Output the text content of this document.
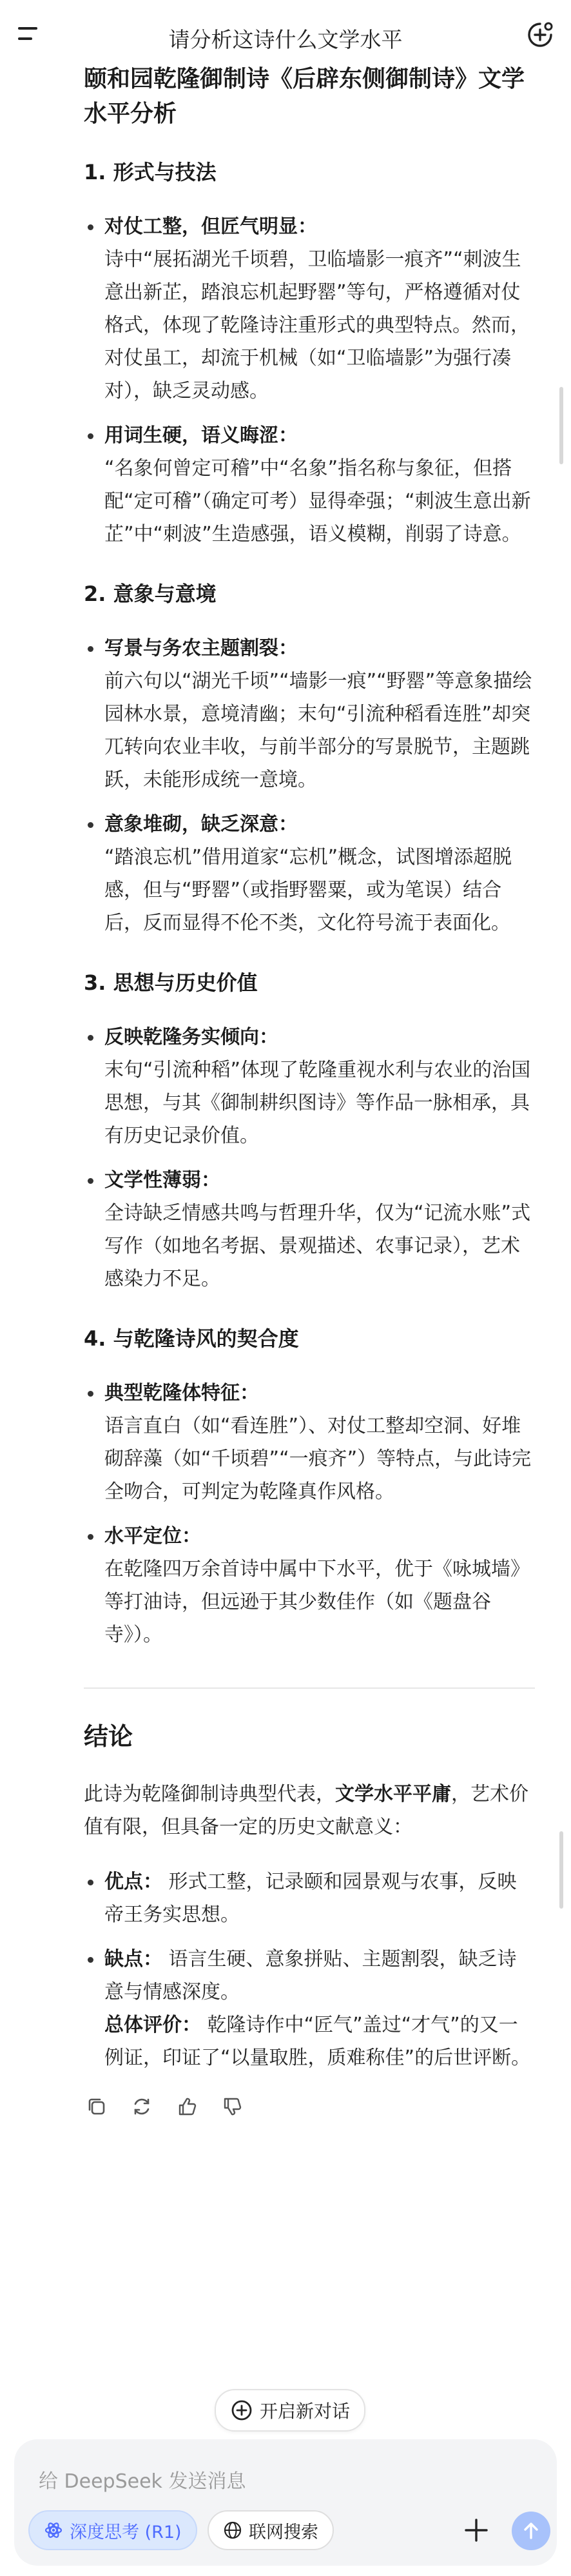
请分析这诗什么文学水平
颐和园乾隆御制诗《后辟东侧御制诗》文学水平分析
1. 形式与技法
对仗工整，但匠气明显：
诗中“展拓湖光千顷碧，卫临墙影一痕齐”“刺波生意出新芷，踏浪忘机起野罂”等句，严格遵循对仗格式，体现了乾隆诗注重形式的典型特点。然而，对仗虽工，却流于机械（如“卫临墙影”为强行凑对），缺乏灵动感。
用词生硬，语义晦涩：
“名象何曾定可稽”中“名象”指名称与象征，但搭配“定可稽”（确定可考）显得牵强；“刺波生意出新芷”中“刺波”生造感强，语义模糊，削弱了诗意。
2. 意象与意境
写景与务农主题割裂：
前六句以“湖光千顷”“墙影一痕”“野罂”等意象描绘园林水景，意境清幽；末句“引流种稻看连胜”却突兀转向农业丰收，与前半部分的写景脱节，主题跳跃，未能形成统一意境。
意象堆砌，缺乏深意：
“踏浪忘机”借用道家“忘机”概念，试图增添超脱感，但与“野罂”（或指野罂粟，或为笔误）结合后，反而显得不伦不类，文化符号流于表面化。
3. 思想与历史价值
反映乾隆务实倾向：
末句“引流种稻”体现了乾隆重视水利与农业的治国思想，与其《御制耕织图诗》等作品一脉相承，具有历史记录价值。
文学性薄弱：
全诗缺乏情感共鸣与哲理升华，仅为“记流水账”式写作（如地名考据、景观描述、农事记录），艺术感染力不足。
4. 与乾隆诗风的契合度
典型乾隆体特征：
语言直白（如“看连胜”）、对仗工整却空洞、好堆砌辞藻（如“千顷碧”“一痕齐”）等特点，与此诗完全吻合，可判定为乾隆真作风格。
水平定位：
在乾隆四万余首诗中属中下水平，优于《咏城墙》等打油诗，但远逊于其少数佳作（如《题盘谷寺》）。
结论
此诗为乾隆御制诗典型代表，文学水平平庸，艺术价值有限，但具备一定的历史文献意义：
优点： 形式工整，记录颐和园景观与农事，反映帝王务实思想。
缺点： 语言生硬、意象拼贴、主题割裂，缺乏诗意与情感深度。
总体评价： 乾隆诗作中“匠气”盖过“才气”的又一例证，印证了“以量取胜，质难称佳”的后世评断。
开启新对话
给 DeepSeek 发送消息
深度思考 (R1)	联网搜索
